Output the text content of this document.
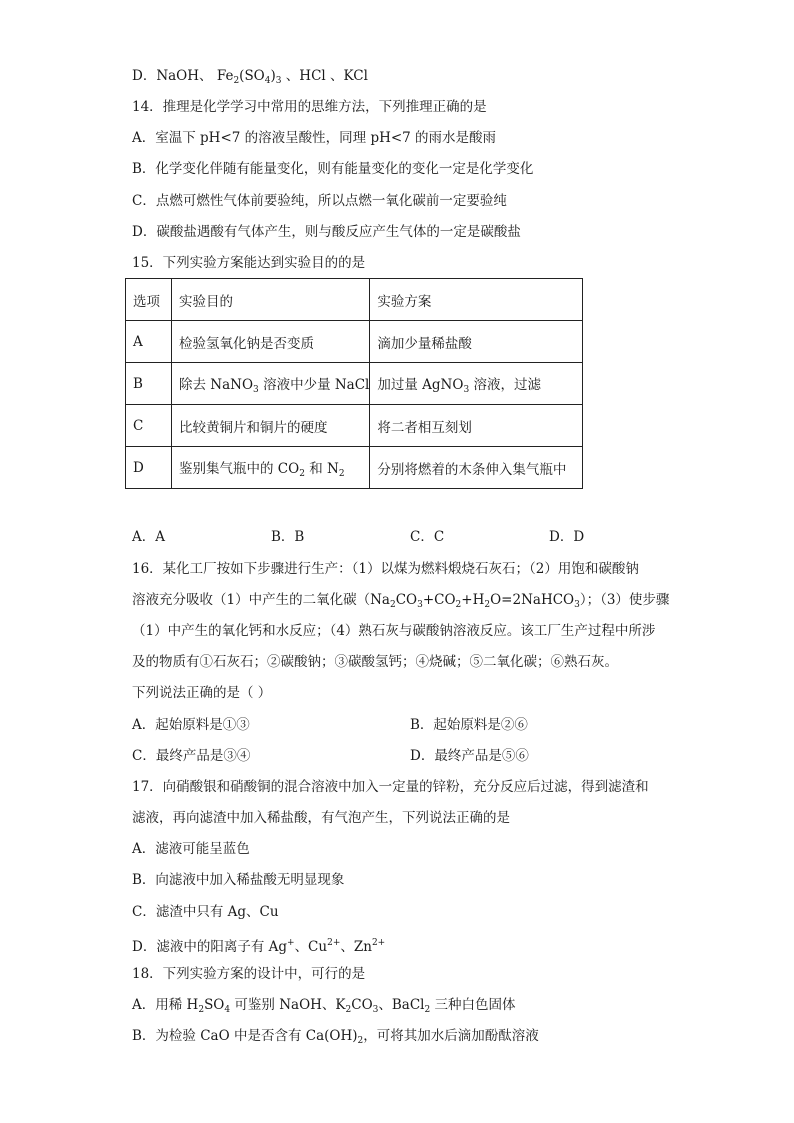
D．NaOH、 $Fe_2(SO_4)_3$ 、HCl 、KCl
14．推理是化学学习中常用的思维方法，下列推理正确的是
A．室温下 pH<7 的溶液呈酸性，同理 pH<7 的雨水是酸雨
B．化学变化伴随有能量变化，则有能量变化的变化一定是化学变化
C．点燃可燃性气体前要验纯，所以点燃一氧化碳前一定要验纯
D．碳酸盐遇酸有气体产生，则与酸反应产生气体的一定是碳酸盐
15．下列实验方案能达到实验目的的是
选项	实验目的	实验方案
A	检验氢氧化钠是否变质	滴加少量稀盐酸
B	除去 NaNO$_3$ 溶液中少量 NaCl	加过量 AgNO$_3$ 溶液，过滤
C	比较黄铜片和铜片的硬度	将二者相互刻划
D	鉴别集气瓶中的 $CO_2$ 和 $N_2$	分别将燃着的木条伸入集气瓶中
A．A	B．B	C．C	D．D
16．某化工厂按如下步骤进行生产：（1）以煤为燃料煅烧石灰石；（2）用饱和碳酸钠
溶液充分吸收（1）中产生的二氧化碳$(Na_2CO_3+CO_2+H_2O=2NaHCO_3)$；（3）使步骤
（1）中产生的氧化钙和水反应；（4）熟石灰与碳酸钠溶液反应。该工厂生产过程中所涉
及的物质有①石灰石；②碳酸钠；③碳酸氢钙；④烧碱；⑤二氧化碳；⑥熟石灰。
下列说法正确的是（ ）
A．起始原料是①③	B．起始原料是②⑥
C．最终产品是③④	D．最终产品是⑤⑥
17．向硝酸银和硝酸铜的混合溶液中加入一定量的锌粉，充分反应后过滤，得到滤渣和
滤液，再向滤渣中加入稀盐酸，有气泡产生，下列说法正确的是
A．滤液可能呈蓝色
B．向滤液中加入稀盐酸无明显现象
C．滤渣中只有 Ag、Cu
D．滤液中的阳离子有 Ag+、$Cu^{2+}$、$Zn^{2+}$
18．下列实验方案的设计中，可行的是
A．用稀 $H_2SO_4$ 可鉴别 NaOH、$K_2CO_3$、BaCl$_2$ 三种白色固体
B．为检验 CaO 中是否含有 $Ca(OH)_2$，可将其加水后滴加酚酞溶液
